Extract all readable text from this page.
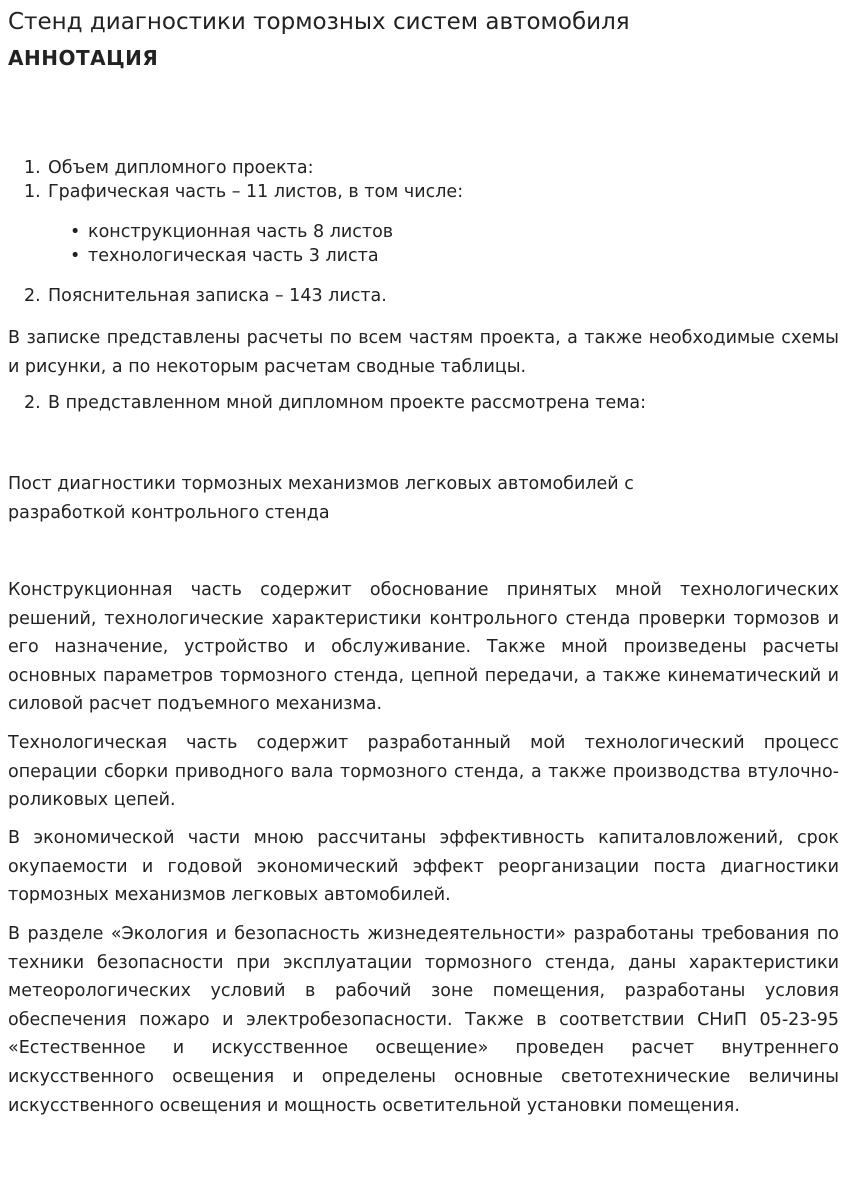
Стенд диагностики тормозных систем автомобиля
АННОТАЦИЯ
1. Объем дипломного проекта:
1. Графическая часть – 11 листов, в том числе:
• конструкционная часть 8 листов
• технологическая часть 3 листа
2. Пояснительная записка – 143 листа.

В записке представлены расчеты по всем частям проекта, а также необходимые схемы и рисунки, а по некоторым расчетам сводные таблицы.

2. В представленном мной дипломном проекте рассмотрена тема:

Пост диагностики тормозных механизмов легковых автомобилей с разработкой контрольного стенда

Конструкционная часть содержит обоснование принятых мной технологических решений, технологические характеристики контрольного стенда проверки тормозов и его назначение, устройство и обслуживание. Также мной произведены расчеты основных параметров тормозного стенда, цепной передачи, а также кинематический и силовой расчет подъемного механизма.

Технологическая часть содержит разработанный мой технологический процесс операции сборки приводного вала тормозного стенда, а также производства втулочно-роликовых цепей.

В экономической части мною рассчитаны эффективность капиталовложений, срок окупаемости и годовой экономический эффект реорганизации поста диагностики тормозных механизмов легковых автомобилей.

В разделе «Экология и безопасность жизнедеятельности» разработаны требования по техники безопасности при эксплуатации тормозного стенда, даны характеристики метеорологических условий в рабочий зоне помещения, разработаны условия обеспечения пожаро и электробезопасности. Также в соответствии СНиП 05-23-95 «Естественное и искусственное освещение» проведен расчет внутреннего искусственного освещения и определены основные светотехнические величины искусственного освещения и мощность осветительной установки помещения.
